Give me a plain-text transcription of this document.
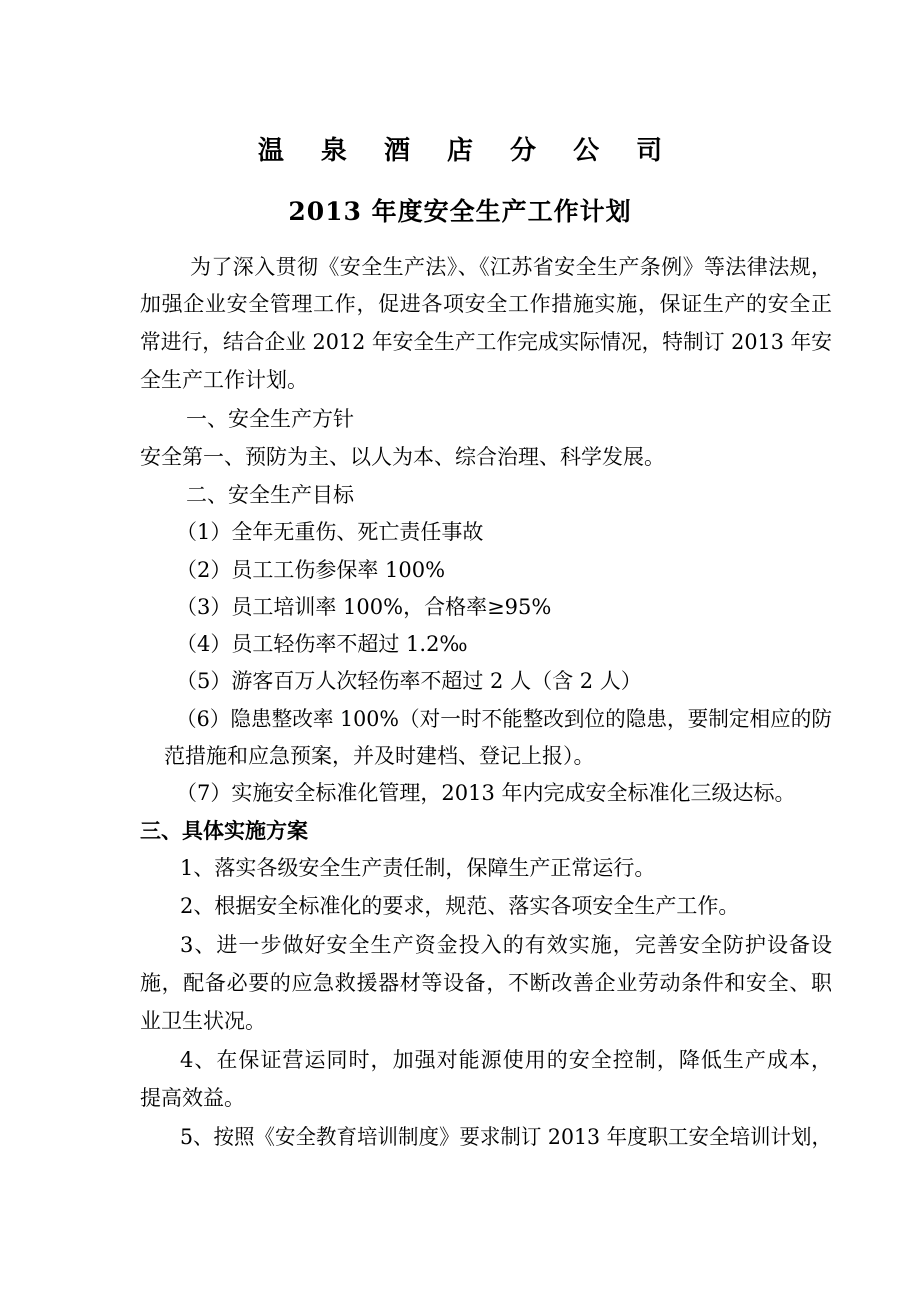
温 泉 酒 店 分 公 司
2013 年度安全生产工作计划
为了深入贯彻《安全生产法》、《江苏省安全生产条例》等法律法规，
加强企业安全管理工作，促进各项安全工作措施实施，保证生产的安全正
常进行，结合企业 2012 年安全生产工作完成实际情况，特制订 2013 年安
全生产工作计划。
一、安全生产方针
安全第一、预防为主、以人为本、综合治理、科学发展。
二、安全生产目标
（1）全年无重伤、死亡责任事故
（2）员工工伤参保率 100%
（3）员工培训率 100%，合格率≥95%
（4）员工轻伤率不超过 1.2‰
（5）游客百万人次轻伤率不超过 2 人（含 2 人）
（6）隐患整改率 100%（对一时不能整改到位的隐患，要制定相应的防
范措施和应急预案，并及时建档、登记上报）。
（7）实施安全标准化管理，2013 年内完成安全标准化三级达标。
三、具体实施方案
1、落实各级安全生产责任制，保障生产正常运行。
2、根据安全标准化的要求，规范、落实各项安全生产工作。
3、进一步做好安全生产资金投入的有效实施，完善安全防护设备设
施，配备必要的应急救援器材等设备，不断改善企业劳动条件和安全、职
业卫生状况。
4、在保证营运同时，加强对能源使用的安全控制，降低生产成本，
提高效益。
5、按照《安全教育培训制度》要求制订 2013 年度职工安全培训计划，
